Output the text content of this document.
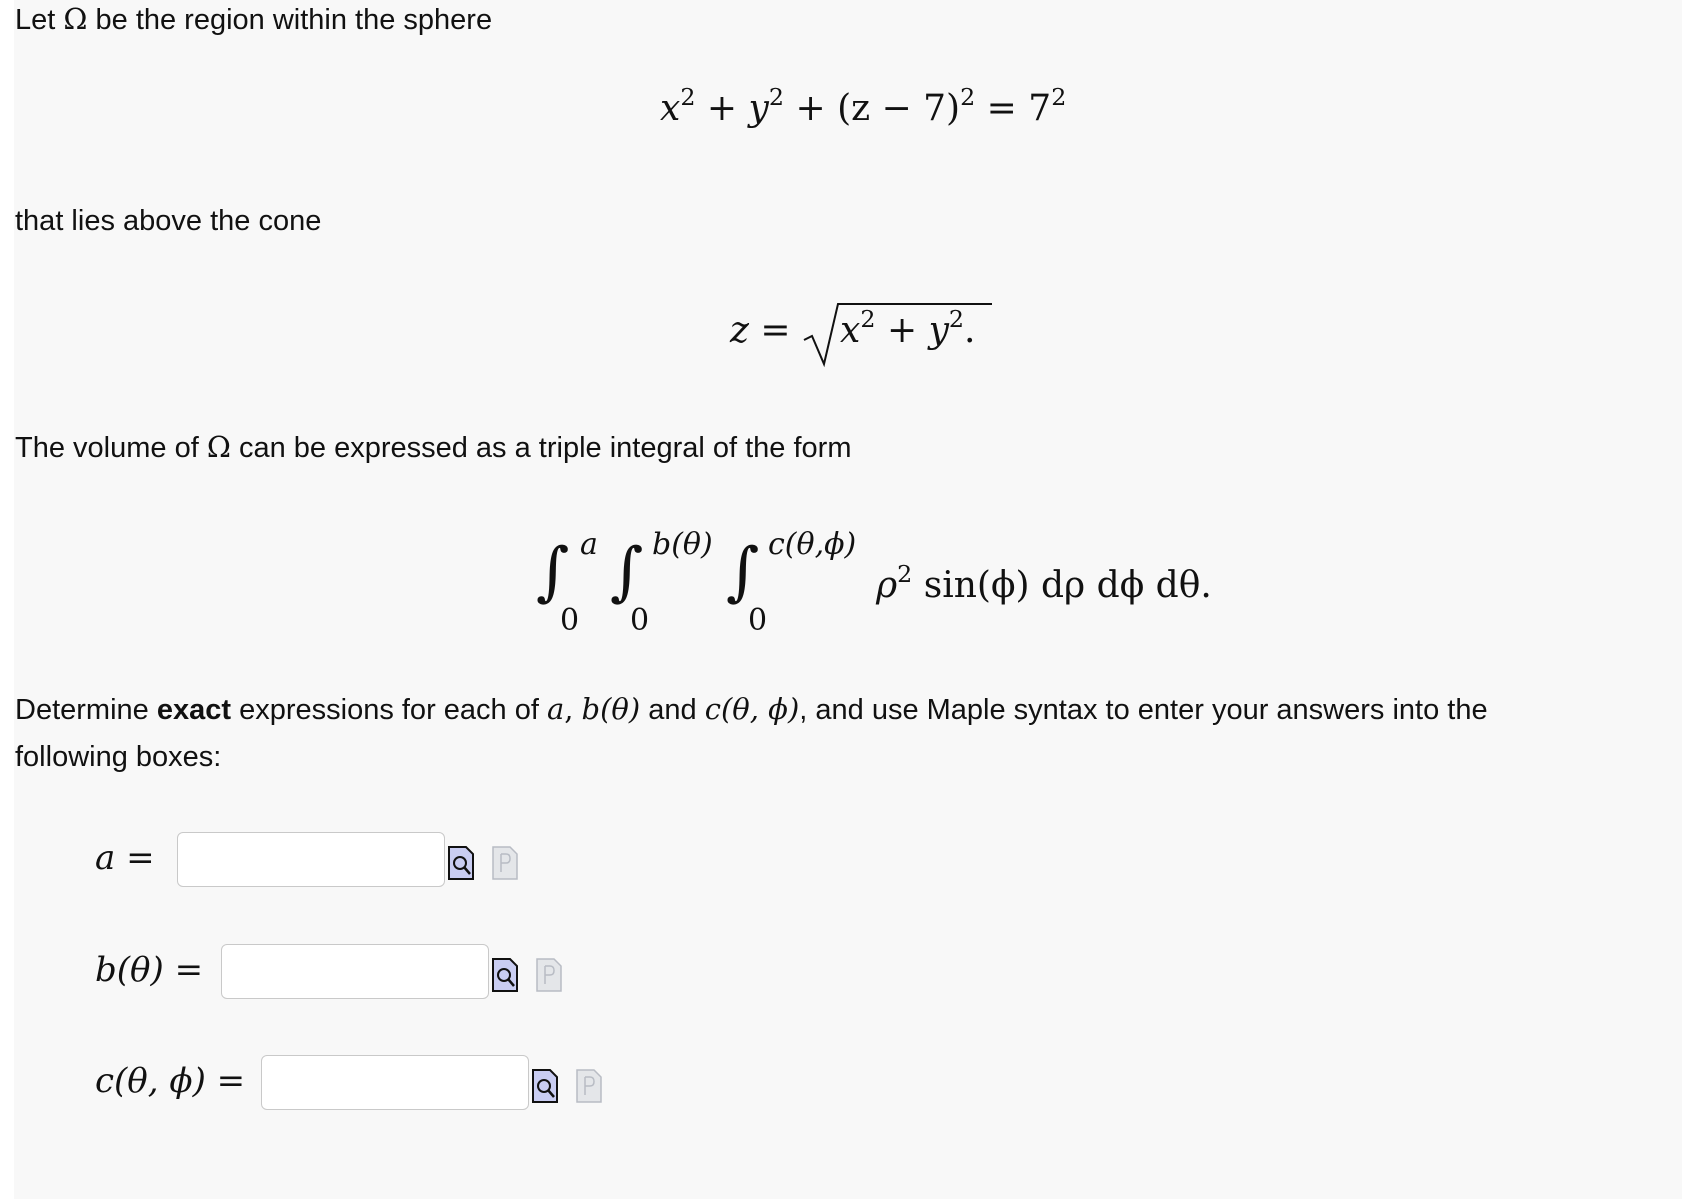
Let Ω be the region within the sphere
$x^2 + y^2 + (z - 7)^2 = 7^2$
that lies above the cone
$z = x^2 + y^2$.
The volume of Ω can be expressed as a triple integral of the form
∫ a
0
∫ b(θ)
0
∫ c(θ,ϕ)
0
$\rho^2$ sin(ϕ) dρ dϕ dθ.
Determine exact expressions for each of a, b(θ) and c(θ, ϕ), and use Maple syntax to enter your answers into the
following boxes:
a =
b(θ) =
c(θ, ϕ) =
